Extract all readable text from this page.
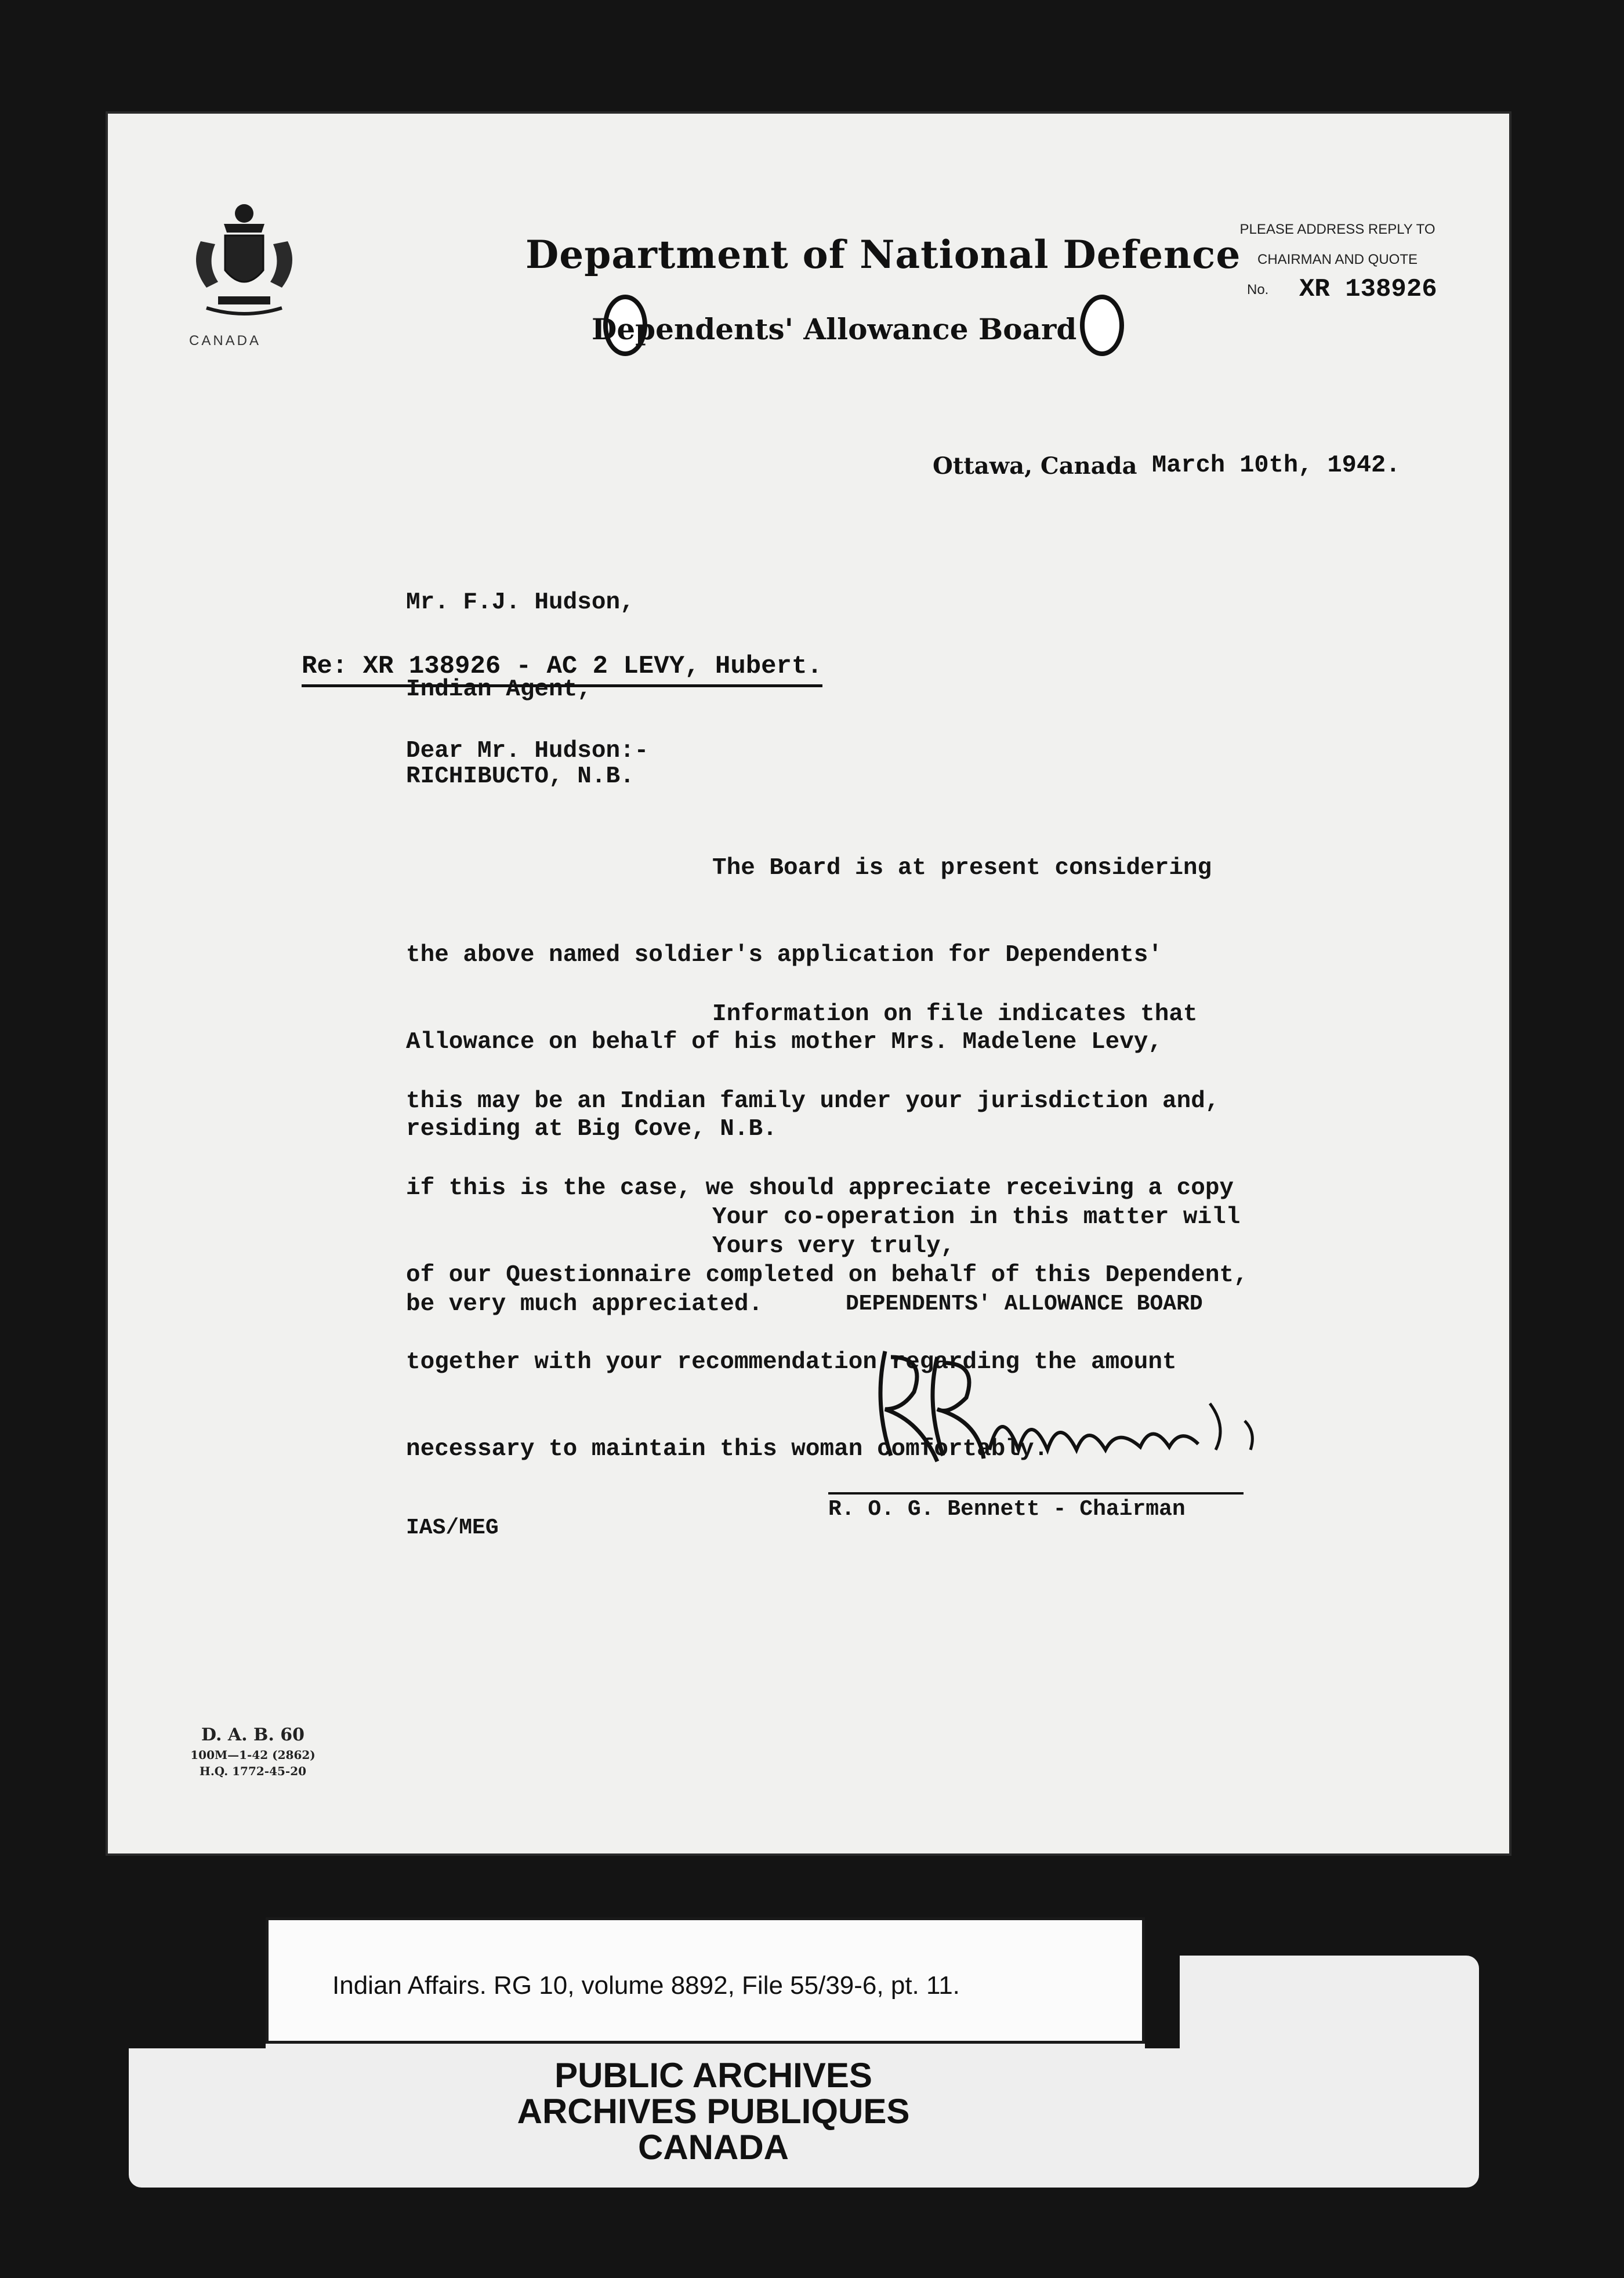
CANADA
Department of National Defence
Dependents' Allowance Board
PLEASE ADDRESS REPLY TO
CHAIRMAN AND QUOTE
No. XR 138926
Ottawa, Canada March 10th, 1942.

Mr. F.J. Hudson,

Indian Agent,

RICHIBUCTO, N.B.

Re: XR 138926 - AC 2 LEVY, Hubert.
Dear Mr. Hudson:-

The Board is at present considering

the above named soldier's application for Dependents'

Allowance on behalf of his mother Mrs. Madelene Levy,

residing at Big Cove, N.B.

Information on file indicates that

this may be an Indian family under your jurisdiction and,

if this is the case, we should appreciate receiving a copy

of our Questionnaire completed on behalf of this Dependent,

together with your recommendation regarding the amount

necessary to maintain this woman comfortably.

Your co-operation in this matter will

be very much appreciated.

Yours very truly,
DEPENDENTS' ALLOWANCE BOARD
R. O. G. Bennett - Chairman
IAS/MEG
D. A. B. 60
100M—1-42 (2862)
H.Q. 1772-45-20
Indian Affairs. RG 10, volume 8892, File 55/39-6, pt. 11.
PUBLIC ARCHIVES
ARCHIVES PUBLIQUES
CANADA
